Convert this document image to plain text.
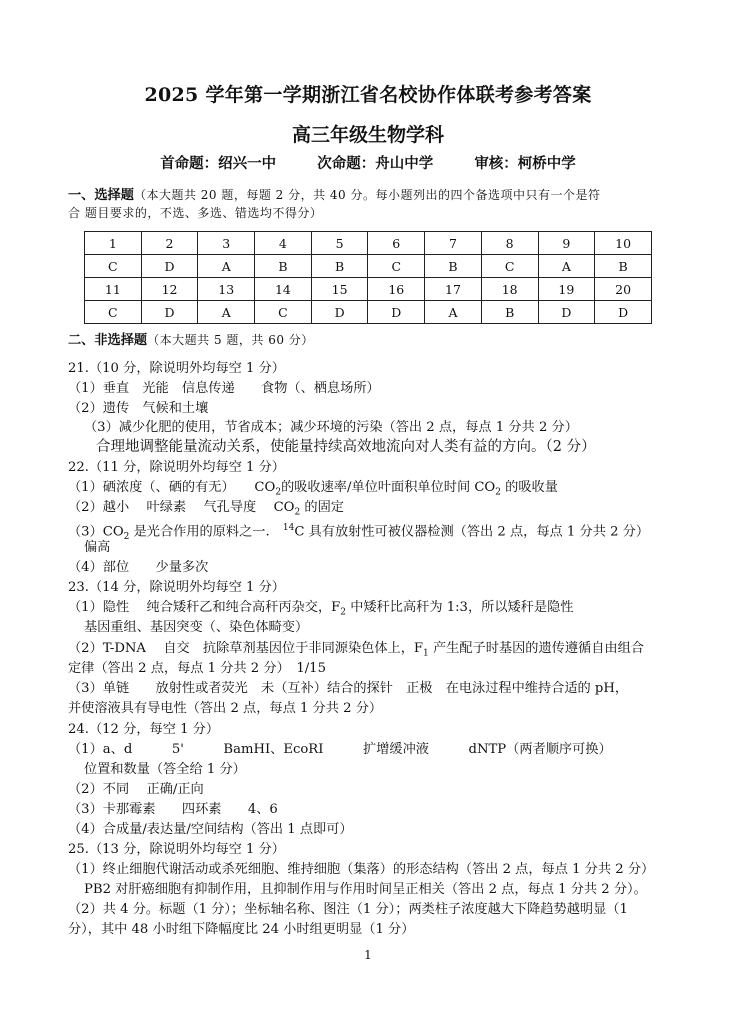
2025 学年第一学期浙江省名校协作体联考参考答案
高三年级生物学科
首命题：绍兴一中	次命题：舟山中学	审核：柯桥中学
一、选择题（本大题共 20 题，每题 2 分，共 40 分。每小题列出的四个备选项中只有一个是符
合 题目要求的，不选、多选、错选均不得分）
1	2	3	4	5	6	7	8	9	10
C	D	A	B	B	C	B	C	A	B
11	12	13	14	15	16	17	18	19	20
C	D	A	C	D	D	A	B	D	D
二、非选择题（本大题共 5 题，共 60 分）
21.（10 分，除说明外均每空 1 分）
（1）垂直　光能　信息传递　　食物（、栖息场所）
（2）遗传　气候和土壤
（3）减少化肥的使用，节省成本；减少环境的污染（答出 2 点，每点 1 分共 2 分）
合理地调整能量流动关系，使能量持续高效地流向对人类有益的方向。（2 分）
22.（11 分，除说明外均每空 1 分）
（1）硒浓度（、硒的有无）　　$CO_2$的吸收速率/单位叶面积单位时间 $CO_2$ 的吸收量
（2）越小　 叶绿素　 气孔导度　 $CO_2$ 的固定
$(3)CO_2$ 是光合作用的原料之一.　$^{14}$C 具有放射性可被仪器检测（答出 2 点，每点 1 分共 2 分）
偏高
（4）部位　　少量多次
23.（14 分，除说明外均每空 1 分）
（1）隐性　 纯合矮秆乙和纯合高秆丙杂交，$F_2$ 中矮秆比高秆为 1:3，所以矮秆是隐性
基因重组、基因突变（、染色体畸变）
（2）T-DNA　 自交　抗除草剂基因位于非同源染色体上，$F_1$ 产生配子时基因的遗传遵循自由组合
定律（答出 2 点，每点 1 分共 2 分）　1/15
（3）单链　　放射性或者荧光　未（互补）结合的探针　正极　在电泳过程中维持合适的 pH，
并使溶液具有导电性（答出 2 点，每点 1 分共 2 分）
24.（12 分，每空 1 分）
（1）a、d　　　5'　　　BamHI、EcoRI　　　扩增缓冲液　　　dNTP（两者顺序可换）
位置和数量（答全给 1 分）
（2）不同　 正确/正向
（3）卡那霉素　　四环素　　4、6
（4）合成量/表达量/空间结构（答出 1 点即可）
25.（13 分，除说明外均每空 1 分）
（1）终止细胞代谢活动或杀死细胞、维持细胞（集落）的形态结构（答出 2 点，每点 1 分共 2 分）
PB2 对肝癌细胞有抑制作用，且抑制作用与作用时间呈正相关（答出 2 点，每点 1 分共 2 分）。
（2）共 4 分。标题（1 分）；坐标轴名称、图注（1 分）；两类柱子浓度越大下降趋势越明显（1
分），其中 48 小时组下降幅度比 24 小时组更明显（1 分）
1
